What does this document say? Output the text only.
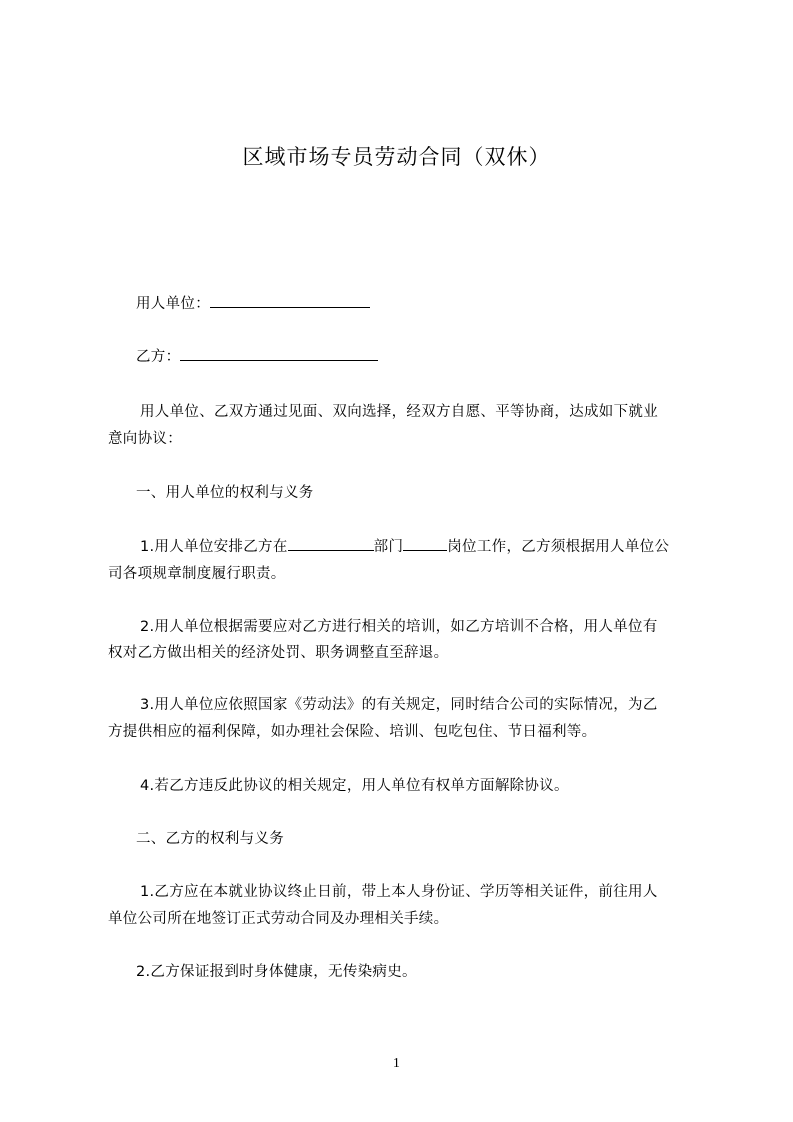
区域市场专员劳动合同（双休）
用人单位：
乙方：
用人单位、乙双方通过见面、双向选择，经双方自愿、平等协商，达成如下就业
意向协议：
一、用人单位的权利与义务
1.用人单位安排乙方在	部门	岗位工作，乙方须根据用人单位公
司各项规章制度履行职责。
2.用人单位根据需要应对乙方进行相关的培训，如乙方培训不合格，用人单位有
权对乙方做出相关的经济处罚、职务调整直至辞退。
3.用人单位应依照国家《劳动法》的有关规定，同时结合公司的实际情况，为乙
方提供相应的福利保障，如办理社会保险、培训、包吃包住、节日福利等。
4.若乙方违反此协议的相关规定，用人单位有权单方面解除协议。
二、乙方的权利与义务
1.乙方应在本就业协议终止日前，带上本人身份证、学历等相关证件，前往用人
单位公司所在地签订正式劳动合同及办理相关手续。
2.乙方保证报到时身体健康，无传染病史。
1
